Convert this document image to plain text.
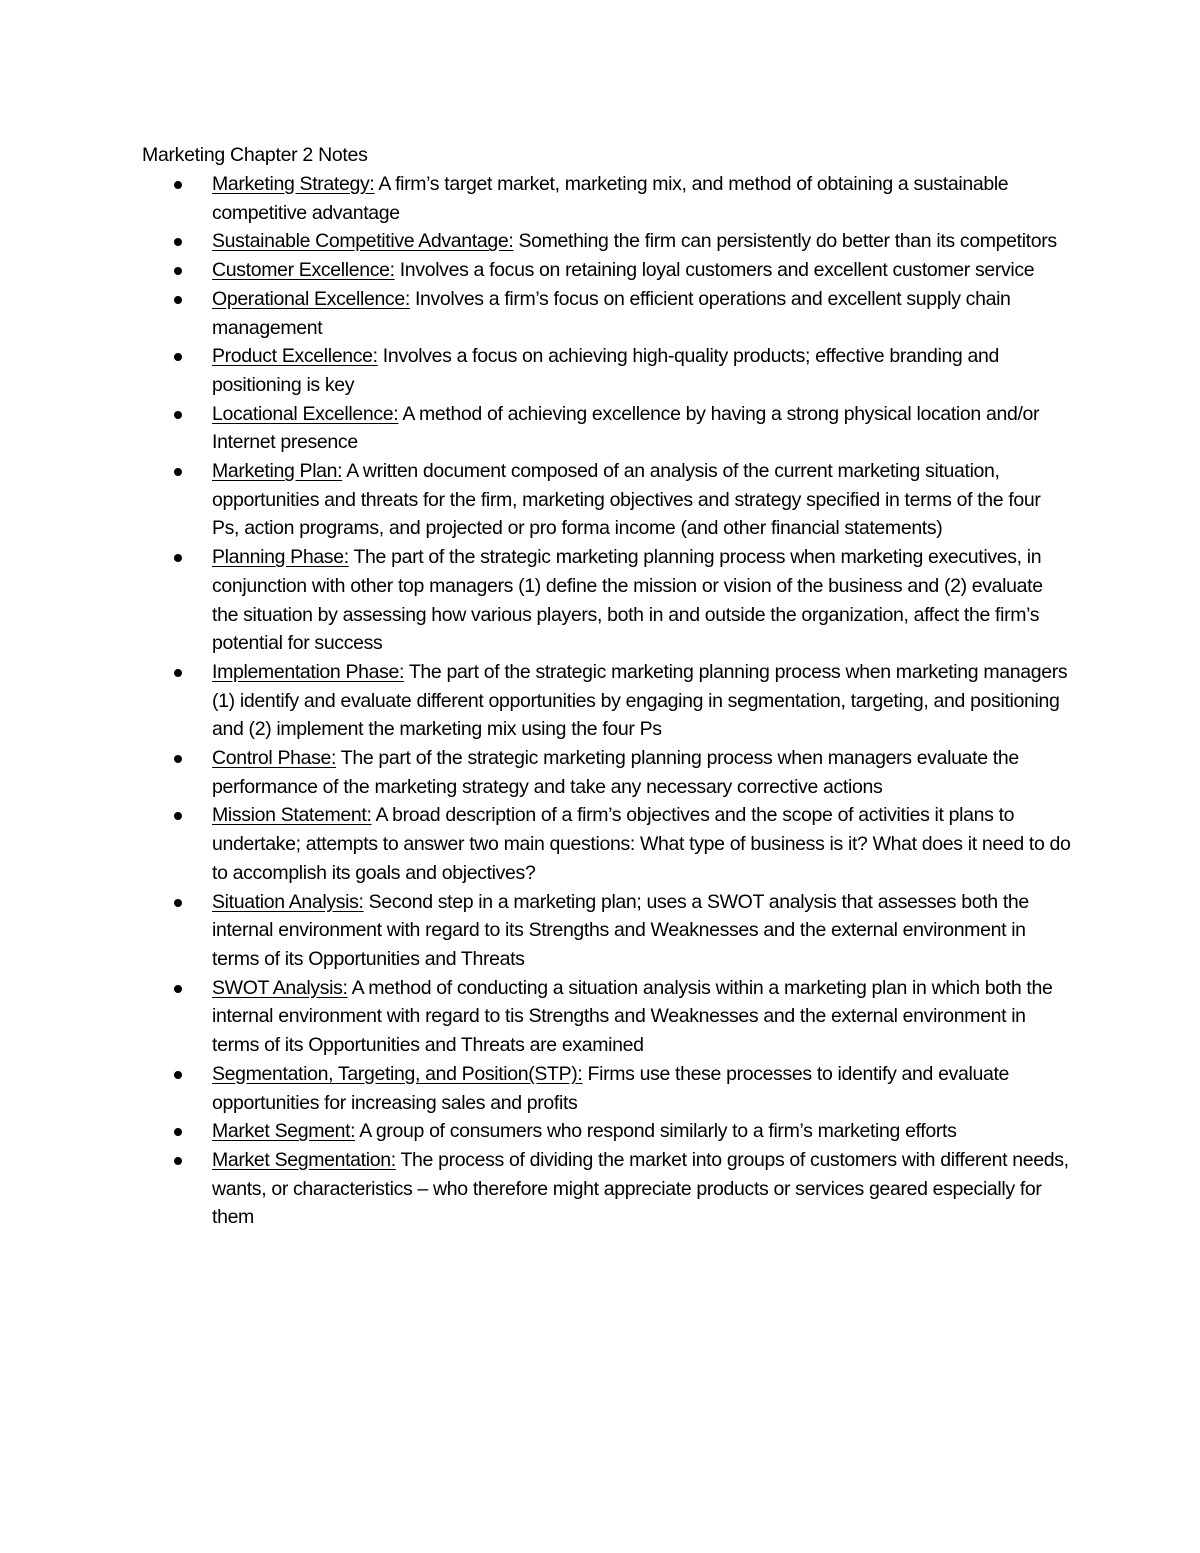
Marketing Chapter 2 Notes
Marketing Strategy: A firm’s target market, marketing mix, and method of obtaining a sustainable competitive advantage
Sustainable Competitive Advantage: Something the firm can persistently do better than its competitors
Customer Excellence: Involves a focus on retaining loyal customers and excellent customer service
Operational Excellence: Involves a firm’s focus on efficient operations and excellent supply chain management
Product Excellence: Involves a focus on achieving high-quality products; effective branding and positioning is key
Locational Excellence: A method of achieving excellence by having a strong physical location and/or Internet presence
Marketing Plan: A written document composed of an analysis of the current marketing situation, opportunities and threats for the firm, marketing objectives and strategy specified in terms of the four Ps, action programs, and projected or pro forma income (and other financial statements)
Planning Phase: The part of the strategic marketing planning process when marketing executives, in conjunction with other top managers (1) define the mission or vision of the business and (2) evaluate the situation by assessing how various players, both in and outside the organization, affect the firm’s potential for success
Implementation Phase: The part of the strategic marketing planning process when marketing managers (1) identify and evaluate different opportunities by engaging in segmentation, targeting, and positioning and (2) implement the marketing mix using the four Ps
Control Phase: The part of the strategic marketing planning process when managers evaluate the performance of the marketing strategy and take any necessary corrective actions
Mission Statement: A broad description of a firm’s objectives and the scope of activities it plans to undertake; attempts to answer two main questions: What type of business is it? What does it need to do to accomplish its goals and objectives?
Situation Analysis: Second step in a marketing plan; uses a SWOT analysis that assesses both the internal environment with regard to its Strengths and Weaknesses and the external environment in terms of its Opportunities and Threats
SWOT Analysis: A method of conducting a situation analysis within a marketing plan in which both the internal environment with regard to tis Strengths and Weaknesses and the external environment in terms of its Opportunities and Threats are examined
Segmentation, Targeting, and Position(STP): Firms use these processes to identify and evaluate opportunities for increasing sales and profits
Market Segment: A group of consumers who respond similarly to a firm’s marketing efforts
Market Segmentation: The process of dividing the market into groups of customers with different needs, wants, or characteristics – who therefore might appreciate products or services geared especially for them
